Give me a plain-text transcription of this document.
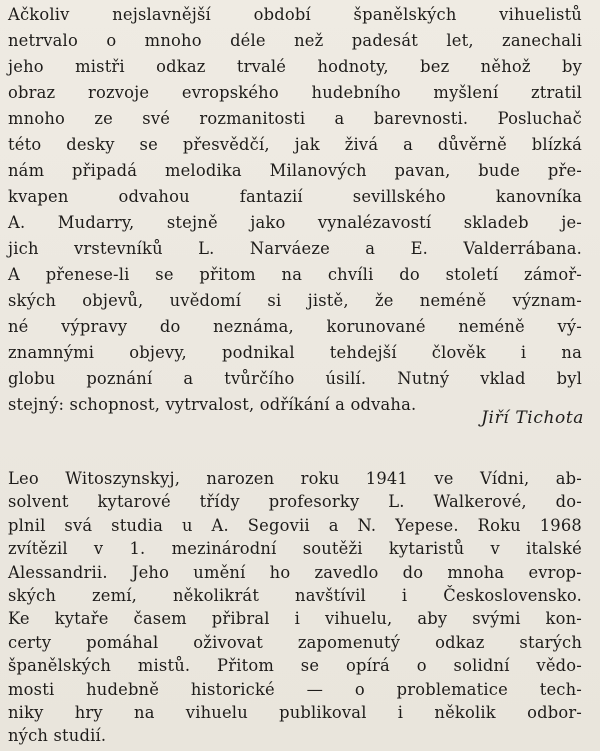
Ačkoliv nejslavnější období španělských vihuelistů
netrvalo o mnoho déle než padesát let, zanechali
jeho mistři odkaz trvalé hodnoty, bez něhož by
obraz rozvoje evropského hudebního myšlení ztratil
mnoho ze své rozmanitosti a barevnosti. Posluchač
této desky se přesvědčí, jak živá a důvěrně blízká
nám připadá melodika Milanových pavan, bude pře-
kvapen odvahou fantazií sevillského kanovníka
A. Mudarry, stejně jako vynalézavostí skladeb je-
jich vrstevníků L. Narváeze a E. Valderrábana.
A přenese-li se přitom na chvíli do století zámoř-
ských objevů, uvědomí si jistě, že neméně význam-
né výpravy do neznáma, korunované neméně vý-
znamnými objevy, podnikal tehdejší člověk i na
globu poznání a tvůrčího úsilí. Nutný vklad byl
stejný: schopnost, vytrvalost, odříkání a odvaha.
Jiří Tichota
Leo Witoszynskyj, narozen roku 1941 ve Vídni, ab-
solvent kytarové třídy profesorky L. Walkerové, do-
plnil svá studia u A. Segovii a N. Yepese. Roku 1968
zvítězil v 1. mezinárodní soutěži kytaristů v italské
Alessandrii. Jeho umění ho zavedlo do mnoha evrop-
ských zemí, několikrát navštívil i Československo.
Ke kytaře časem přibral i vihuelu, aby svými kon-
certy pomáhal oživovat zapomenutý odkaz starých
španělských mistů. Přitom se opírá o solidní vědo-
mosti hudebně historické — o problematice tech-
niky hry na vihuelu publikoval i několik odbor-
ných studií.
